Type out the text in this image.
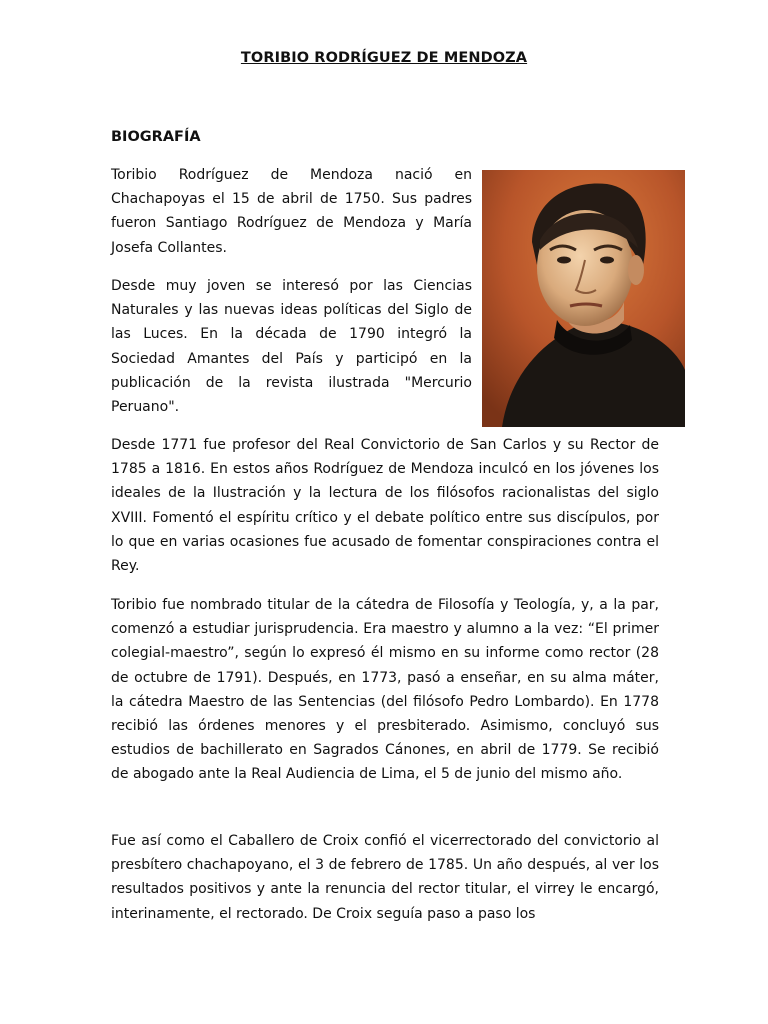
TORIBIO RODRÍGUEZ DE MENDOZA
BIOGRAFÍA

Toribio Rodríguez de Mendoza nació en Chachapoyas el 15 de abril de 1750. Sus padres fueron Santiago Rodríguez de Mendoza y María Josefa Collantes.

Desde muy joven se interesó por las Ciencias Naturales y las nuevas ideas políticas del Siglo de las Luces. En la década de 1790 integró la Sociedad Amantes del País y participó en la publicación de la revista ilustrada "Mercurio Peruano".

Desde 1771 fue profesor del Real Convictorio de San Carlos y su Rector de 1785 a 1816. En estos años Rodríguez de Mendoza inculcó en los jóvenes los ideales de la Ilustración y la lectura de los filósofos racionalistas del siglo XVIII. Fomentó el espíritu crítico y el debate político entre sus discípulos, por lo que en varias ocasiones fue acusado de fomentar conspiraciones contra el Rey.

Toribio fue nombrado titular de la cátedra de Filosofía y Teología, y, a la par, comenzó a estudiar jurisprudencia. Era maestro y alumno a la vez: “El primer colegial-maestro”, según lo expresó él mismo en su informe como rector (28 de octubre de 1791). Después, en 1773, pasó a enseñar, en su alma máter, la cátedra Maestro de las Sentencias (del filósofo Pedro Lombardo). En 1778 recibió las órdenes menores y el presbiterado. Asimismo, concluyó sus estudios de bachillerato en Sagrados Cánones, en abril de 1779. Se recibió de abogado ante la Real Audiencia de Lima, el 5 de junio del mismo año.

Fue así como el Caballero de Croix confió el vicerrectorado del convictorio al presbítero chachapoyano, el 3 de febrero de 1785. Un año después, al ver los resultados positivos y ante la renuncia del rector titular, el virrey le encargó, interinamente, el rectorado. De Croix seguía paso a paso los
